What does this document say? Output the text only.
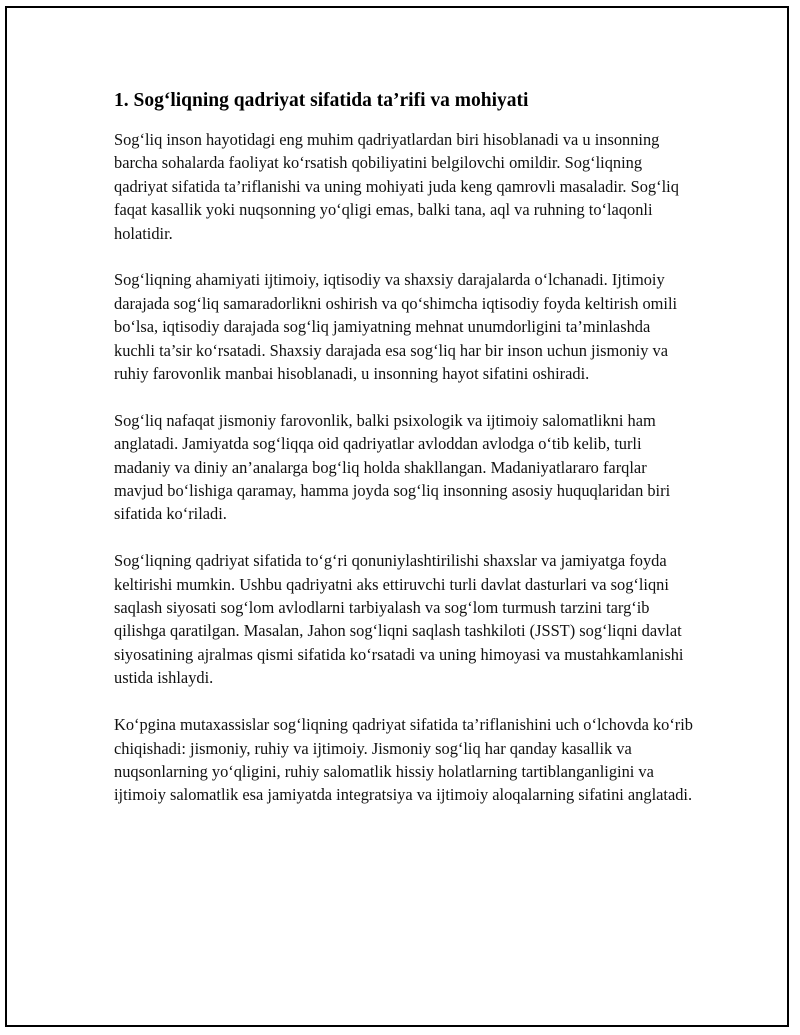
1. Sog‘liqning qadriyat sifatida ta’rifi va mohiyati

Sog‘liq inson hayotidagi eng muhim qadriyatlardan biri hisoblanadi va u insonning barcha sohalarda faoliyat ko‘rsatish qobiliyatini belgilovchi omildir. Sog‘liqning qadriyat sifatida ta’riflanishi va uning mohiyati juda keng qamrovli masaladir. Sog‘liq faqat kasallik yoki nuqsonning yo‘qligi emas, balki tana, aql va ruhning to‘laqonli holatidir.

Sog‘liqning ahamiyati ijtimoiy, iqtisodiy va shaxsiy darajalarda o‘lchanadi. Ijtimoiy darajada sog‘liq samaradorlikni oshirish va qo‘shimcha iqtisodiy foyda keltirish omili bo‘lsa, iqtisodiy darajada sog‘liq jamiyatning mehnat unumdorligini ta’minlashda kuchli ta’sir ko‘rsatadi. Shaxsiy darajada esa sog‘liq har bir inson uchun jismoniy va ruhiy farovonlik manbai hisoblanadi, u insonning hayot sifatini oshiradi.

Sog‘liq nafaqat jismoniy farovonlik, balki psixologik va ijtimoiy salomatlikni ham anglatadi. Jamiyatda sog‘liqqa oid qadriyatlar avloddan avlodga o‘tib kelib, turli madaniy va diniy an’analarga bog‘liq holda shakllangan. Madaniyatlararo farqlar mavjud bo‘lishiga qaramay, hamma joyda sog‘liq insonning asosiy huquqlaridan biri sifatida ko‘riladi.

Sog‘liqning qadriyat sifatida to‘g‘ri qonuniylashtirilishi shaxslar va jamiyatga foyda keltirishi mumkin. Ushbu qadriyatni aks ettiruvchi turli davlat dasturlari va sog‘liqni saqlash siyosati sog‘lom avlodlarni tarbiyalash va sog‘lom turmush tarzini targ‘ib qilishga qaratilgan. Masalan, Jahon sog‘liqni saqlash tashkiloti (JSST) sog‘liqni davlat siyosatining ajralmas qismi sifatida ko‘rsatadi va uning himoyasi va mustahkamlanishi ustida ishlaydi.

Ko‘pgina mutaxassislar sog‘liqning qadriyat sifatida ta’riflanishini uch o‘lchovda ko‘rib chiqishadi: jismoniy, ruhiy va ijtimoiy. Jismoniy sog‘liq har qanday kasallik va nuqsonlarning yo‘qligini, ruhiy salomatlik hissiy holatlarning tartiblanganligini va ijtimoiy salomatlik esa jamiyatda integratsiya va ijtimoiy aloqalarning sifatini anglatadi.
